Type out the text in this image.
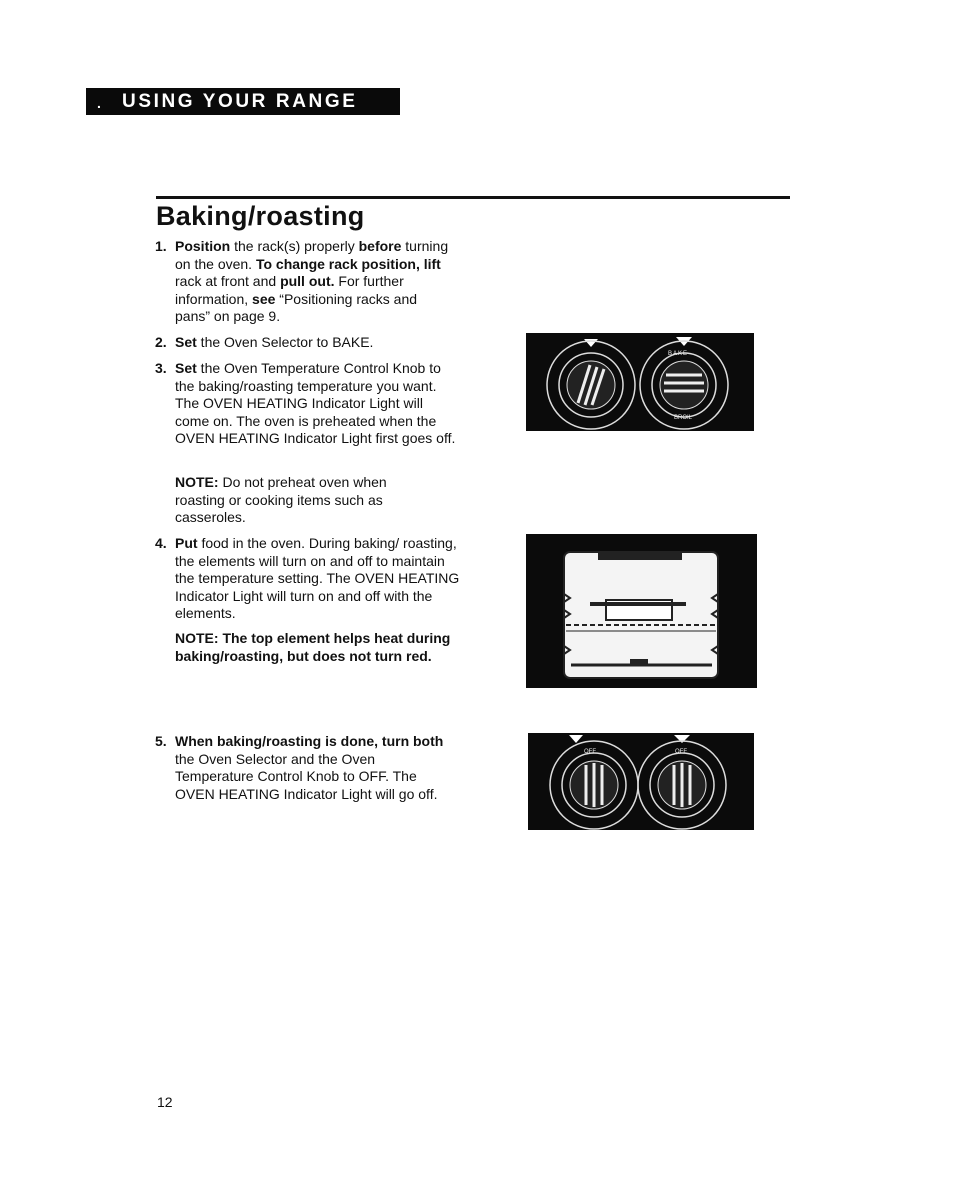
. USING YOUR RANGE
Baking/roasting
1. Position the rack(s) properly before turning on the oven. To change rack position, lift rack at front and pull out. For further information, see “Positioning racks and pans” on page 9.
2. Set the Oven Selector to BAKE.
3. Set the Oven Temperature Control Knob to the baking/roasting temperature you want. The OVEN HEATING Indicator Light will come on. The oven is preheated when the OVEN HEATING Indicator Light first goes off.
NOTE: Do not preheat oven when roasting or cooking items such as casseroles.
4. Put food in the oven. During baking/ roasting, the elements will turn on and off to maintain the temperature setting. The OVEN HEATING Indicator Light will turn on and off with the elements.
NOTE: The top element helps heat during baking/roasting, but does not turn red.
5. When baking/roasting is done, turn both the Oven Selector and the Oven Temperature Control Knob to OFF. The OVEN HEATING Indicator Light will go off.
BAKE
BROIL
OFF	OFF
12
